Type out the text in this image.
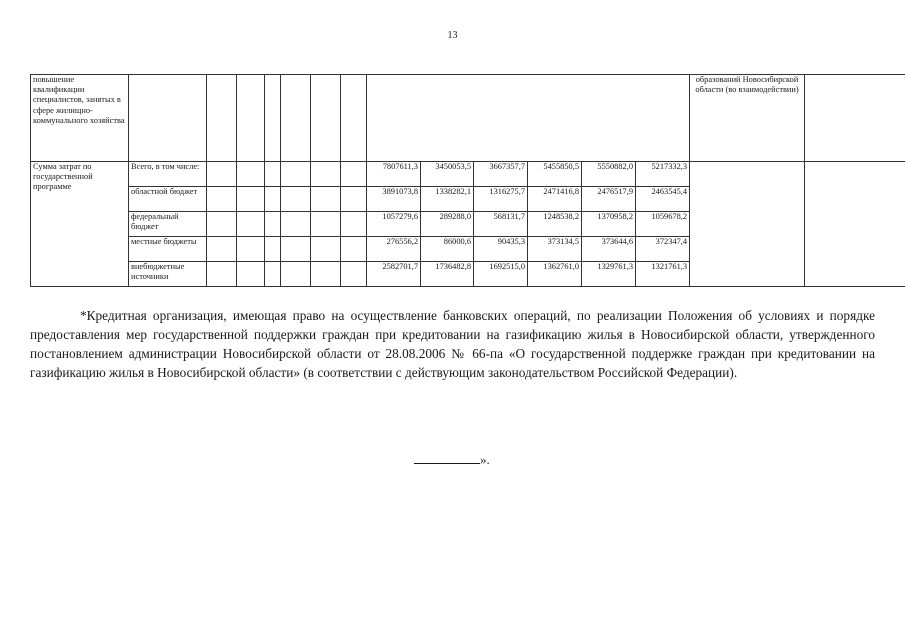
13
повышение квалификации специалистов, занятых в сфере жилищно-коммунального хозяйства														образований Новосибирской области (во взаимодействии)	
Сумма затрат по государственной программе	Всего, в том числе:							7807611,3	3450053,5	3667357,7	5455850,5	5550882,0	5217332,3		
	областной бюджет							3891073,8	1338282,1	1316275,7	2471416,8	2476517,9	2463545,4		
	федеральный бюджет							1057279,6	289288,0	568131,7	1248538,2	1370958,2	1059678,2		
	местные бюджеты							276556,2	86000,6	90435,3	373134,5	373644,6	372347,4		
	внебюджетные источники							2582701,7	1736482,8	1692515,0	1362761,0	1329761,3	1321761,3		

*Кредитная организация, имеющая право на осуществление банковских операций, по реализации Положения об условиях и порядке предоставления мер государственной поддержки граждан при кредитовании на газификацию жилья в Новосибирской области, утвержденного постановлением администрации Новосибирской области от 28.08.2006 № 66-па «О государственной поддержке граждан при кредитовании на газификацию жилья в Новосибирской области» (в соответствии с действующим законодательством Российской Федерации).

».
